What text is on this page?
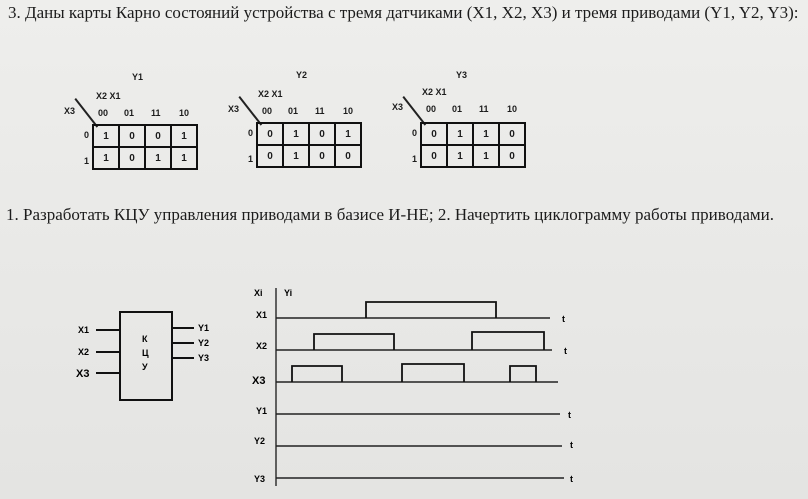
3. Даны карты Карно состояний устройства с тремя датчиками (X1, X2, X3) и тремя приводами (Y1, Y2, Y3):

Y1
X2 X1
X3	00 01 11 10
0
1
1	0	0	1
1	0	1	1
Y2
X2 X1
X3	00 01 11 10
0
1
0	1	0	1
0	1	0	0
Y3
X2 X1
X3	00 01 11 10
0
1
0	1	1	0
0	1	1	0

1. Разработать КЦУ управления приводами в базисе И-НЕ; 2. Начертить циклограмму работы приводами.

X1
X2
X3
Y1
Y2
Y3
К
Ц
У
Xi Yi
X1	t
X2	t
X3
Y1	t
Y2	t
Y3	t
